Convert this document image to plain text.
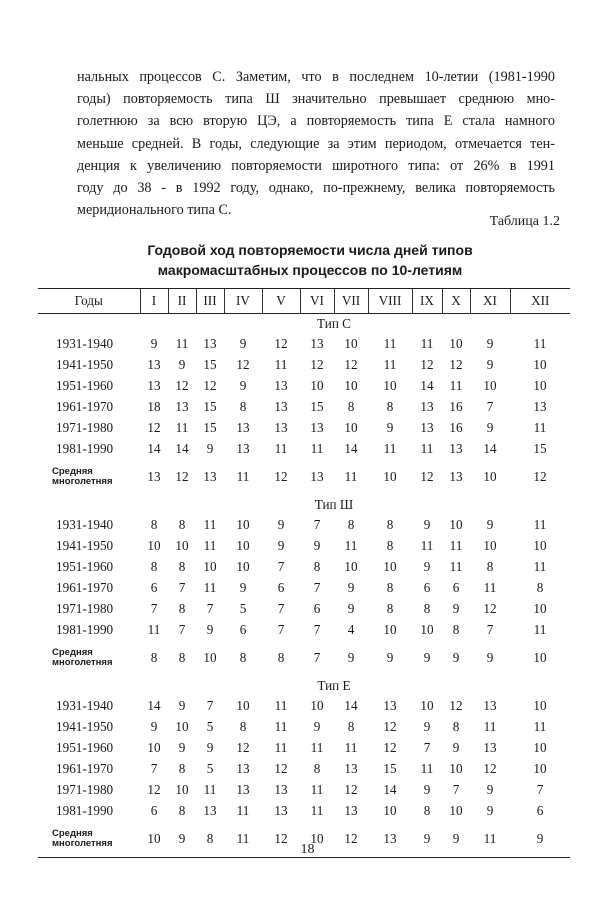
нальных процессов С. Заметим, что в последнем 10-летии (1981-1990
годы) повторяемость типа Ш значительно превышает среднюю мно-
голетнюю за всю вторую ЦЭ, а повторяемость типа Е стала намного
меньше средней. В годы, следующие за этим периодом, отмечается тен-
денция к увеличению повторяемости широтного типа: от 26% в 1991
году до 38 - в 1992 году, однако, по-прежнему, велика повторяемость
меридионального типа С.
Таблица 1.2
Годовой ход повторяемости числа дней типов
макромасштабных процессов по 10-летиям
Годы	I	II	III	IV	V	VI	VII	VIII	IX	X	XI	XII
Тип С												
1931-1940	9	11	13	9	12	13	10	11	11	10	9	11
1941-1950	13	9	15	12	11	12	12	11	12	12	9	10
1951-1960	13	12	12	9	13	10	10	10	14	11	10	10
1961-1970	18	13	15	8	13	15	8	8	13	16	7	13
1971-1980	12	11	15	13	13	13	10	9	13	16	9	11
1981-1990	14	14	9	13	11	11	14	11	11	13	14	15

Средняя
многолетняя	13	12	13	11	12	13	11	10	12	13	10	12
Тип Ш												
1931-1940	8	8	11	10	9	7	8	8	9	10	9	11
1941-1950	10	10	11	10	9	9	11	8	11	11	10	10
1951-1960	8	8	10	10	7	8	10	10	9	11	8	11
1961-1970	6	7	11	9	6	7	9	8	6	6	11	8
1971-1980	7	8	7	5	7	6	9	8	8	9	12	10
1981-1990	11	7	9	6	7	7	4	10	10	8	7	11

Средняя
многолетняя	8	8	10	8	8	7	9	9	9	9	9	10
Тип Е												
1931-1940	14	9	7	10	11	10	14	13	10	12	13	10
1941-1950	9	10	5	8	11	9	8	12	9	8	11	11
1951-1960	10	9	9	12	11	11	11	12	7	9	13	10
1961-1970	7	8	5	13	12	8	13	15	11	10	12	10
1971-1980	12	10	11	13	13	11	12	14	9	7	9	7
1981-1990	6	8	13	11	13	11	13	10	8	10	9	6

Средняя
многолетняя	10	9	8	11	12	10	12	13	9	9	11	9
18
